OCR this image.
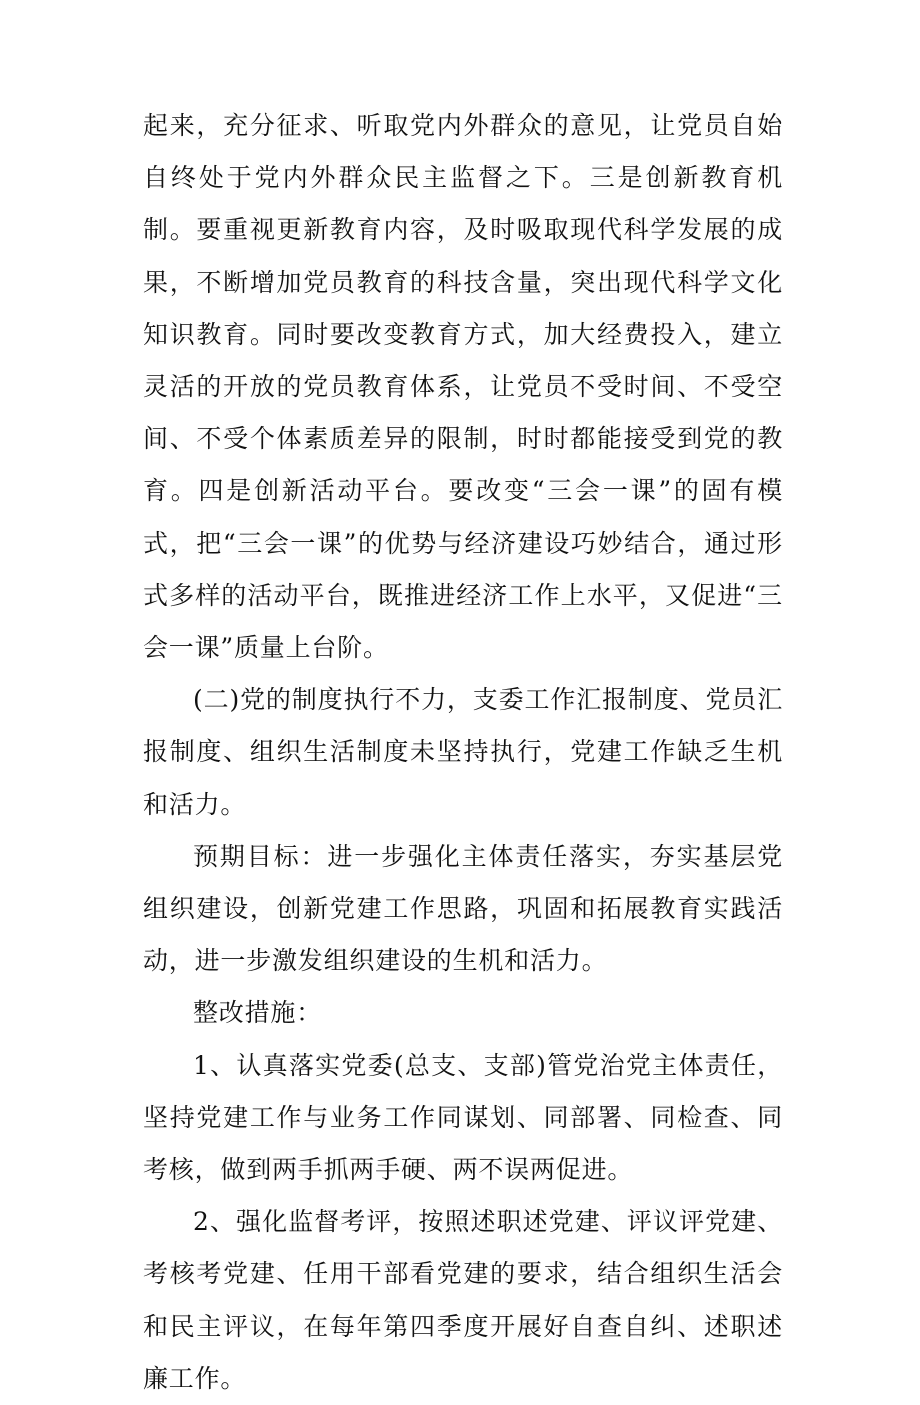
起来，充分征求、听取党内外群众的意见，让党员自始自终处于党内外群众民主监督之下。三是创新教育机制。要重视更新教育内容，及时吸取现代科学发展的成果，不断增加党员教育的科技含量，突出现代科学文化知识教育。同时要改变教育方式，加大经费投入，建立灵活的开放的党员教育体系，让党员不受时间、不受空间、不受个体素质差异的限制，时时都能接受到党的教育。四是创新活动平台。要改变“三会一课”的固有模式，把“三会一课”的优势与经济建设巧妙结合，通过形式多样的活动平台，既推进经济工作上水平，又促进“三会一课”质量上台阶。

(二)党的制度执行不力，支委工作汇报制度、党员汇报制度、组织生活制度未坚持执行，党建工作缺乏生机和活力。

预期目标：进一步强化主体责任落实，夯实基层党组织建设，创新党建工作思路，巩固和拓展教育实践活动，进一步激发组织建设的生机和活力。

整改措施：

1、认真落实党委(总支、支部)管党治党主体责任，坚持党建工作与业务工作同谋划、同部署、同检查、同考核，做到两手抓两手硬、两不误两促进。

2、强化监督考评，按照述职述党建、评议评党建、考核考党建、任用干部看党建的要求，结合组织生活会和民主评议，在每年第四季度开展好自查自纠、述职述廉工作。
